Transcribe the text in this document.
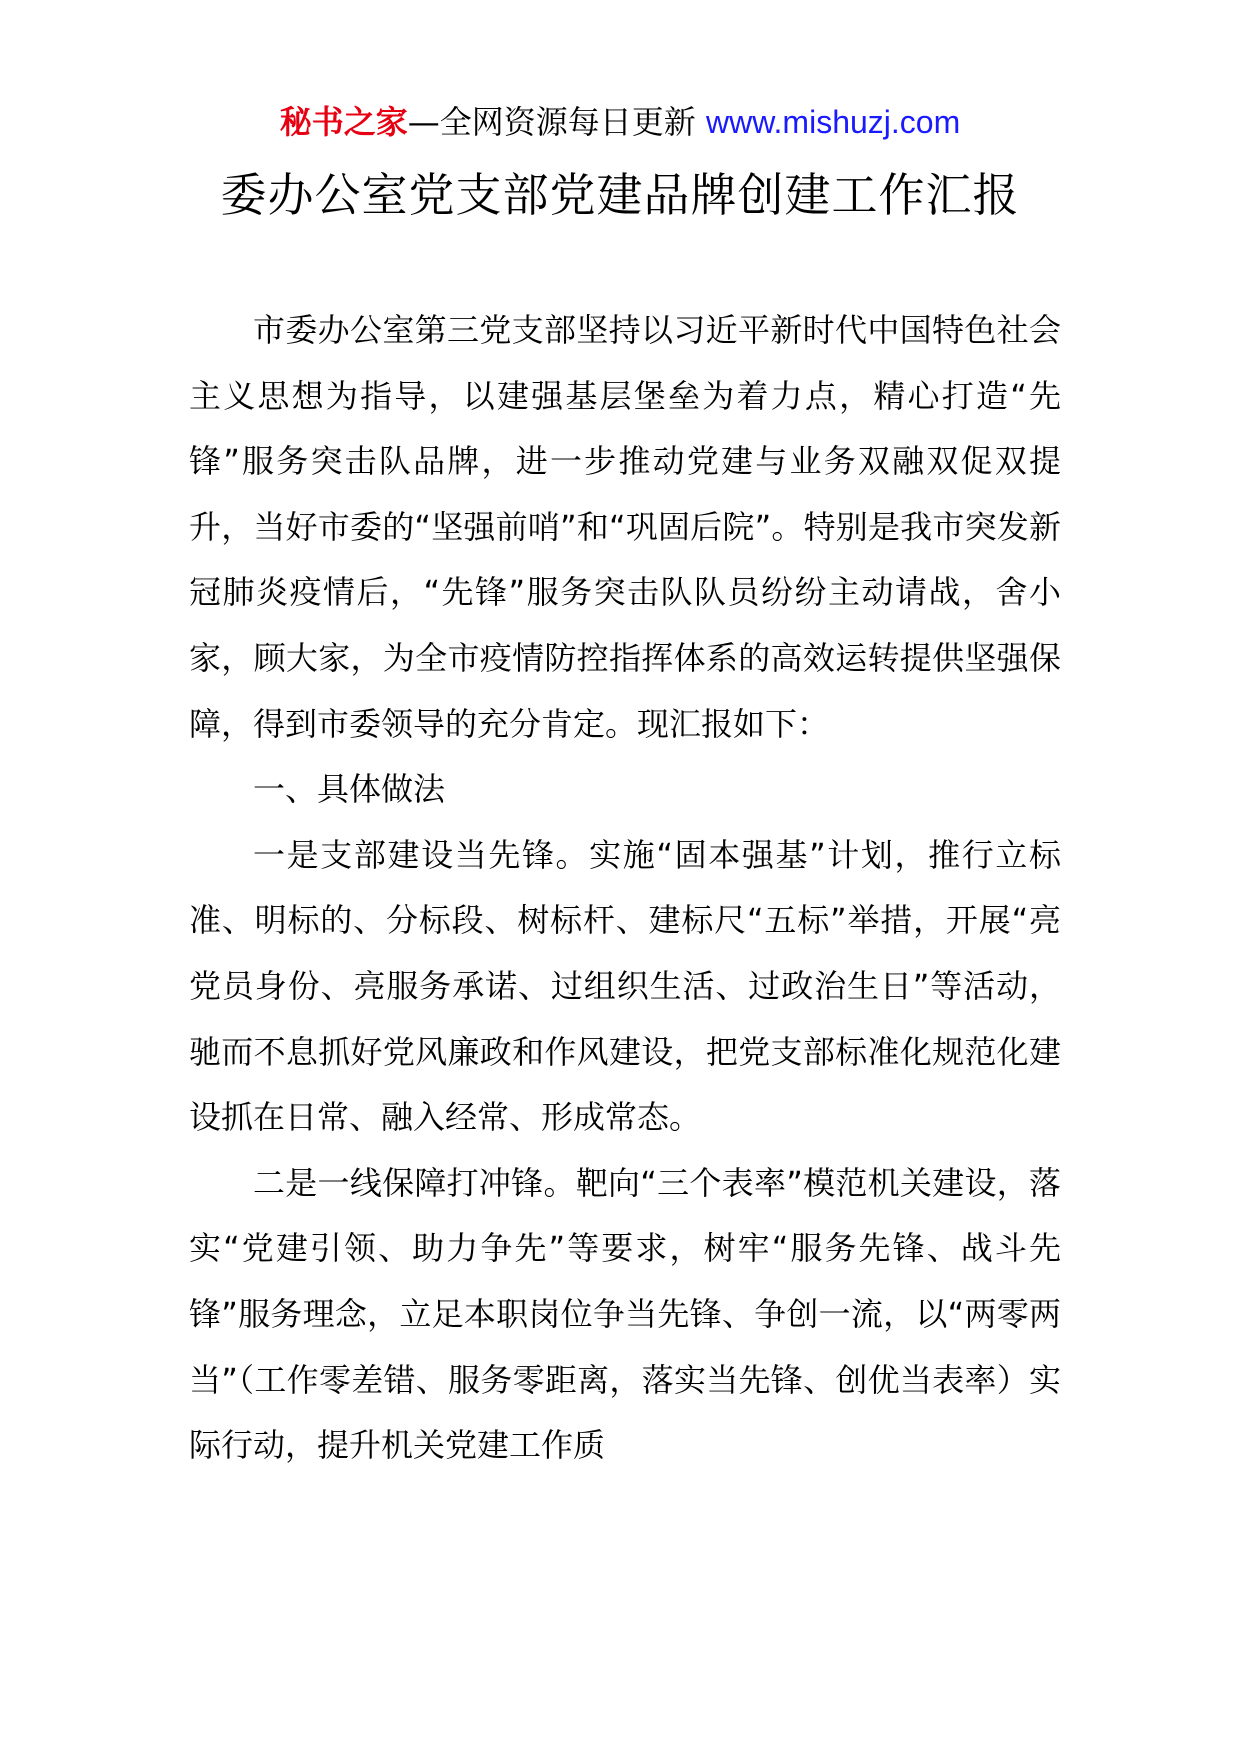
秘书之家—全网资源每日更新 www.mishuzj.com
委办公室党支部党建品牌创建工作汇报

市委办公室第三党支部坚持以习近平新时代中国特色社会主义思想为指导，以建强基层堡垒为着力点，精心打造“先锋”服务突击队品牌，进一步推动党建与业务双融双促双提升，当好市委的“坚强前哨”和“巩固后院”。特别是我市突发新冠肺炎疫情后，“先锋”服务突击队队员纷纷主动请战，舍小家，顾大家，为全市疫情防控指挥体系的高效运转提供坚强保障，得到市委领导的充分肯定。现汇报如下：

一、具体做法

一是支部建设当先锋。实施“固本强基”计划，推行立标准、明标的、分标段、树标杆、建标尺“五标”举措，开展“亮党员身份、亮服务承诺、过组织生活、过政治生日”等活动，驰而不息抓好党风廉政和作风建设，把党支部标准化规范化建设抓在日常、融入经常、形成常态。

二是一线保障打冲锋。靶向“三个表率”模范机关建设，落实“党建引领、助力争先”等要求，树牢“服务先锋、战斗先锋”服务理念，立足本职岗位争当先锋、争创一流，以“两零两当”（工作零差错、服务零距离，落实当先锋、创优当表率）实际行动，提升机关党建工作质
